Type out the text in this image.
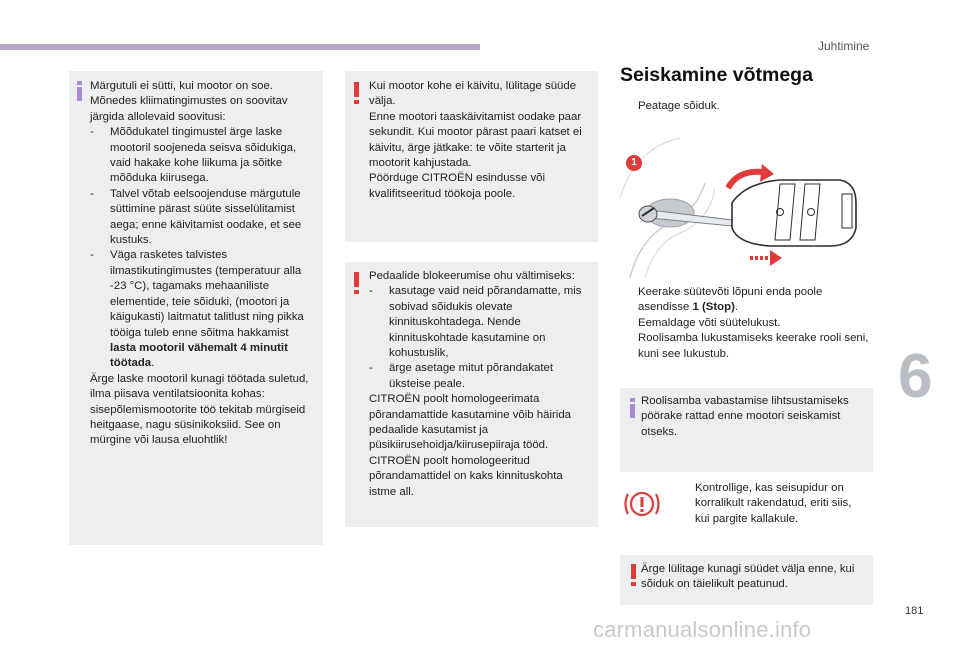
Juhtimine

Märgutuli ei sütti, kui mootor on soe. Mõnedes kliimatingimustes on soovitav järgida allolevaid soovitusi:

-	Mõõdukatel tingimustel ärge laske mootoril soojeneda seisva sõidukiga, vaid hakake kohe liikuma ja sõitke mõõduka kiirusega.
-	Talvel võtab eelsoojenduse märgutule süttimine pärast süüte sisselülitamist aega; enne käivitamist oodake, et see kustuks.
-	Väga rasketes talvistes ilmastikutingimustes (temperatuur alla -23 °C), tagamaks mehaaniliste elementide, teie sõiduki, (mootori ja käigukasti) laitmatut talitlust ning pikka tööiga tuleb enne sõitma hakkamist lasta mootoril vähemalt 4 minutit töötada.

Ärge laske mootoril kunagi töötada suletud, ilma piisava ventilatsioonita kohas: sisepõlemismootorite töö tekitab mürgiseid heitgaase, nagu süsinikoksiid. See on mürgine või lausa eluohtlik!

Kui mootor kohe ei käivitu, lülitage süüde välja.
Enne mootori taaskäivitamist oodake paar sekundit. Kui mootor pärast paari katset ei käivitu, ärge jätkake: te võite starterit ja mootorit kahjustada.
Pöörduge CITROËN esindusse või kvalifitseeritud töökoja poole.

Pedaalide blokeerumise ohu vältimiseks:

-	kasutage vaid neid põrandamatte, mis sobivad sõidukis olevate kinnituskohtadega. Nende kinnituskohtade kasutamine on kohustuslik,
-	ärge asetage mitut põrandakatet üksteise peale.

CITROËN poolt homologeerimata põrandamattide kasutamine võib häirida pedaalide kasutamist ja püsikiirusehoidja/kiirusepiiraja tööd.
CITROËN poolt homologeeritud põrandamattidel on kaks kinnituskohta istme all.

Seiskamine võtmega
Peatage sõiduk.
1
Keerake süütevõti lõpuni enda poole asendisse 1 (Stop).
Eemaldage võti süütelukust.
Roolisamba lukustamiseks keerake rooli seni, kuni see lukustub.
Roolisamba vabastamise lihtsustamiseks pöörake rattad enne mootori seiskamist otseks.
Kontrollige, kas seisupidur on korralikult rakendatud, eriti siis, kui pargite kallakule.
Ärge lülitage kunagi süüdet välja enne, kui sõiduk on täielikult peatunud.
6
181
carmanualsonline.info
